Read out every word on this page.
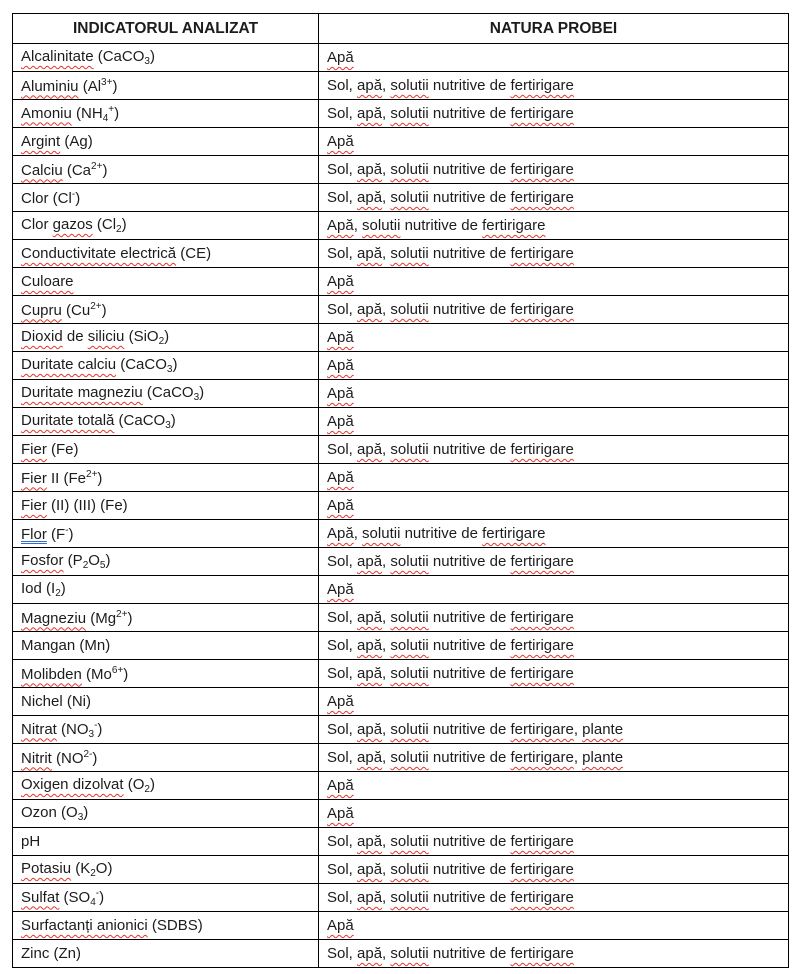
INDICATORUL ANALIZAT	NATURA PROBEI
Alcalinitate (CaCO$_3$)	Apă
Aluminiu $(Al^{3+})$	Sol, apă, solutii nutritive de fertirigare
Amoniu $(NH_4^+)$	Sol, apă, solutii nutritive de fertirigare
Argint (Ag)	Apă
Calciu $(Ca^{2+})$	Sol, apă, solutii nutritive de fertirigare
Clor (Cl-)	Sol, apă, solutii nutritive de fertirigare
Clor gazos $(Cl_2)$	Apă, solutii nutritive de fertirigare
Conductivitate electrică (CE)	Sol, apă, solutii nutritive de fertirigare
Culoare	Apă
Cupru $(Cu^{2+})$	Sol, apă, solutii nutritive de fertirigare
Dioxid de siliciu (SiO$_2$)	Apă
Duritate calciu (CaCO$_3$)	Apă
Duritate magneziu (CaCO$_3$)	Apă
Duritate totală (CaCO$_3$)	Apă
Fier (Fe)	Sol, apă, solutii nutritive de fertirigare
Fier II $(Fe^{2+})$	Apă
Fier (II) (III) (Fe)	Apă
Flor (F-)	Apă, solutii nutritive de fertirigare
Fosfor $(P_2O_5)$	Sol, apă, solutii nutritive de fertirigare
Iod $(I_2)$	Apă
Magneziu $(Mg^{2+})$	Sol, apă, solutii nutritive de fertirigare
Mangan (Mn)	Sol, apă, solutii nutritive de fertirigare
Molibden $(Mo^{6+})$	Sol, apă, solutii nutritive de fertirigare
Nichel (Ni)	Apă
Nitrat $(NO_3^-)$	Sol, apă, solutii nutritive de fertirigare, plante
Nitrit $(NO^{2-})$	Sol, apă, solutii nutritive de fertirigare, plante
Oxigen dizolvat $(O_2)$	Apă
Ozon $(O_3)$	Apă
pH	Sol, apă, solutii nutritive de fertirigare
Potasiu $(K_2O)$	Sol, apă, solutii nutritive de fertirigare
Sulfat $(SO_4^-)$	Sol, apă, solutii nutritive de fertirigare
Surfactanți anionici (SDBS)	Apă
Zinc (Zn)	Sol, apă, solutii nutritive de fertirigare
